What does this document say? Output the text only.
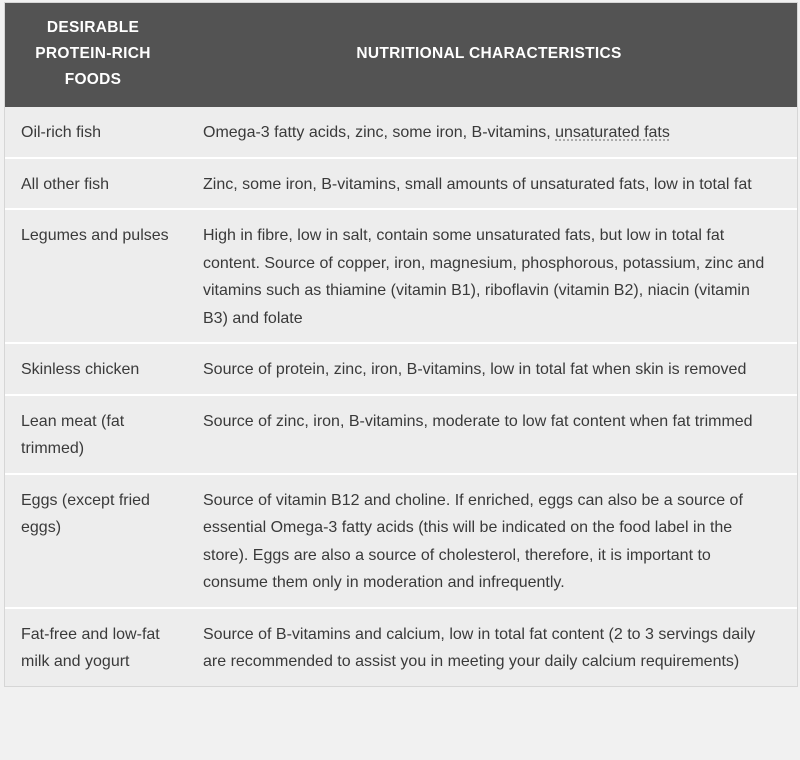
DESIRABLE PROTEIN-RICH FOODS	NUTRITIONAL CHARACTERISTICS
Oil-rich fish	Omega-3 fatty acids, zinc, some iron, B-vitamins, unsaturated fats
All other fish	Zinc, some iron, B-vitamins, small amounts of unsaturated fats, low in total fat
Legumes and pulses	High in fibre, low in salt, contain some unsaturated fats, but low in total fat content. Source of copper, iron, magnesium, phosphorous, potassium, zinc and vitamins such as thiamine (vitamin B1), riboflavin (vitamin B2), niacin (vitamin B3) and folate
Skinless chicken	Source of protein, zinc, iron, B-vitamins, low in total fat when skin is removed
Lean meat (fat trimmed)	Source of zinc, iron, B-vitamins, moderate to low fat content when fat trimmed
Eggs (except fried eggs)	Source of vitamin B12 and choline. If enriched, eggs can also be a source of essential Omega-3 fatty acids (this will be indicated on the food label in the store). Eggs are also a source of cholesterol, therefore, it is important to consume them only in moderation and infrequently.
Fat-free and low-fat milk and yogurt	Source of B-vitamins and calcium, low in total fat content (2 to 3 servings daily are recommended to assist you in meeting your daily calcium requirements)
